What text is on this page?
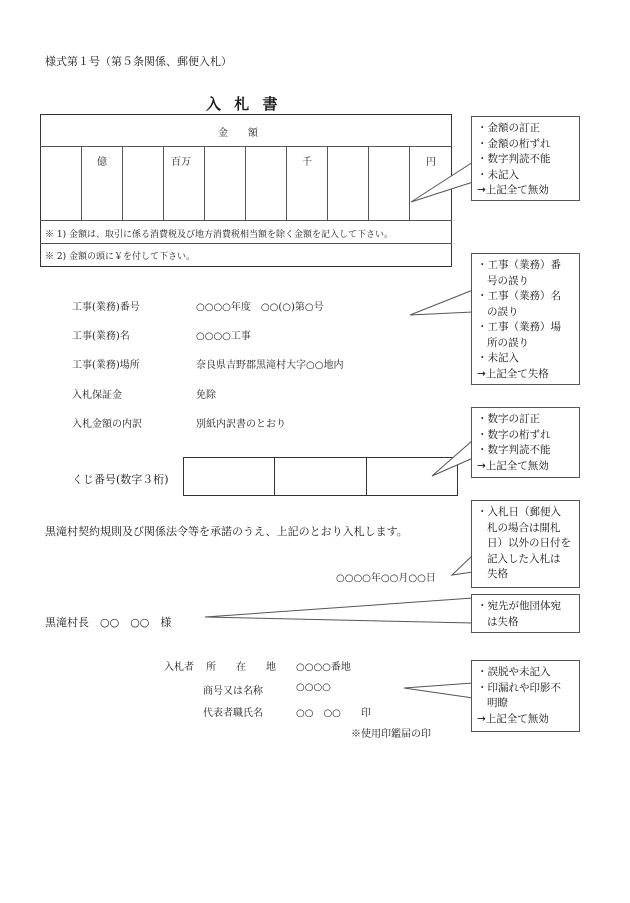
様式第１号（第５条関係、郵便入札）
入 札 書
金　　額
億	百万	千	円
※ 1) 金額は、取引に係る消費税及び地方消費税相当額を除く金額を記入して下さい。
※ 2) 金額の頭に￥を付して下さい。
工事(業務)番号	○○○○年度　○○(○)第○号
工事(業務)名	○○○○工事
工事(業務)場所	奈良県吉野郡黒滝村大字○○地内
入札保証金	免除
入札金額の内訳	別紙内訳書のとおり
くじ番号(数字３桁)
黒滝村契約規則及び関係法令等を承諾のうえ、上記のとおり入札します。
○○○○年○○月○○日
黒滝村長　○○　○○　様
入札者 所　　在　　地 ○○○○番地
商号又は名称	○○○○
代表者職氏名	○○　○○　　印
※使用印鑑届の印
・金額の訂正
・金額の桁ずれ
・数字判読不能
・未記入
→上記全て無効
・工事（業務）番
号の誤り
・工事（業務）名
の誤り
・工事（業務）場
所の誤り
・未記入
→上記全て失格
・数字の訂正
・数字の桁ずれ
・数字判読不能
→上記全て無効
・入札日（郵便入
札の場合は開札
日）以外の日付を
記入した入札は
失格
・宛先が他団体宛
は失格
・誤脱や未記入
・印漏れや印影不
明瞭
→上記全て無効
